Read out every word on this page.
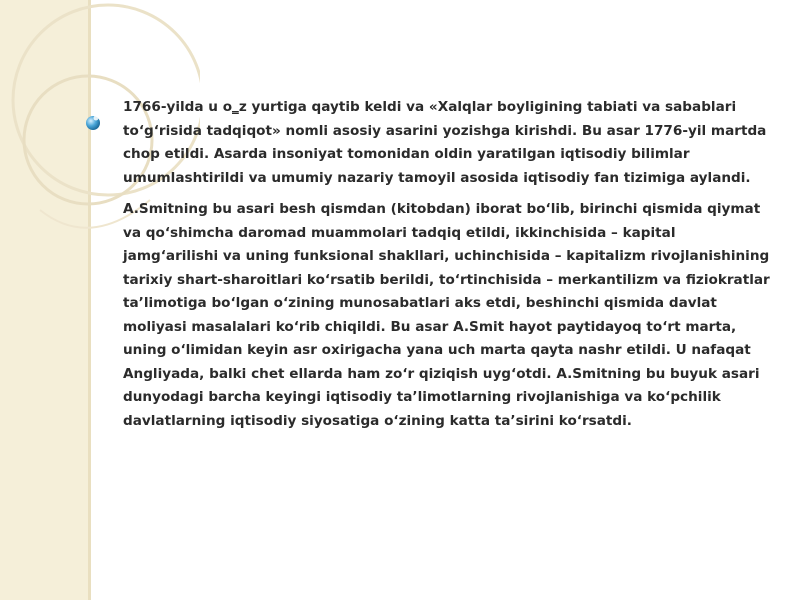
1766-yilda u o‗z yurtiga qaytib keldi va «Xalqlar boyligining tabiati va sabablari to‘g‘risida tadqiqot» nomli asosiy asarini yozishga kirishdi. Bu asar 1776-yil martda chop etildi. Asarda insoniyat tomonidan oldin yaratilgan iqtisodiy bilimlar umumlashtirildi va umumiy nazariy tamoyil asosida iqtisodiy fan tizimiga aylandi.

A.Smitning bu asari besh qismdan (kitobdan) iborat bo‘lib, birinchi qismida qiymat va qo‘shimcha daromad muammolari tadqiq etildi, ikkinchisida – kapital jamg‘arilishi va uning funksional shakllari, uchinchisida – kapitalizm rivojlanishining tarixiy shart-sharoitlari ko‘rsatib berildi, to‘rtinchisida – merkantilizm va fiziokratlar ta’limotiga bo‘lgan o‘zining munosabatlari aks etdi, beshinchi qismida davlat moliyasi masalalari ko‘rib chiqildi. Bu asar A.Smit hayot paytidayoq to‘rt marta, uning o‘limidan keyin asr oxirigacha yana uch marta qayta nashr etildi. U nafaqat Angliyada, balki chet ellarda ham zo‘r qiziqish uyg‘otdi. A.Smitning bu buyuk asari dunyodagi barcha keyingi iqtisodiy ta’limotlarning rivojlanishiga va ko‘pchilik davlatlarning iqtisodiy siyosatiga o‘zining katta ta’sirini ko‘rsatdi.
